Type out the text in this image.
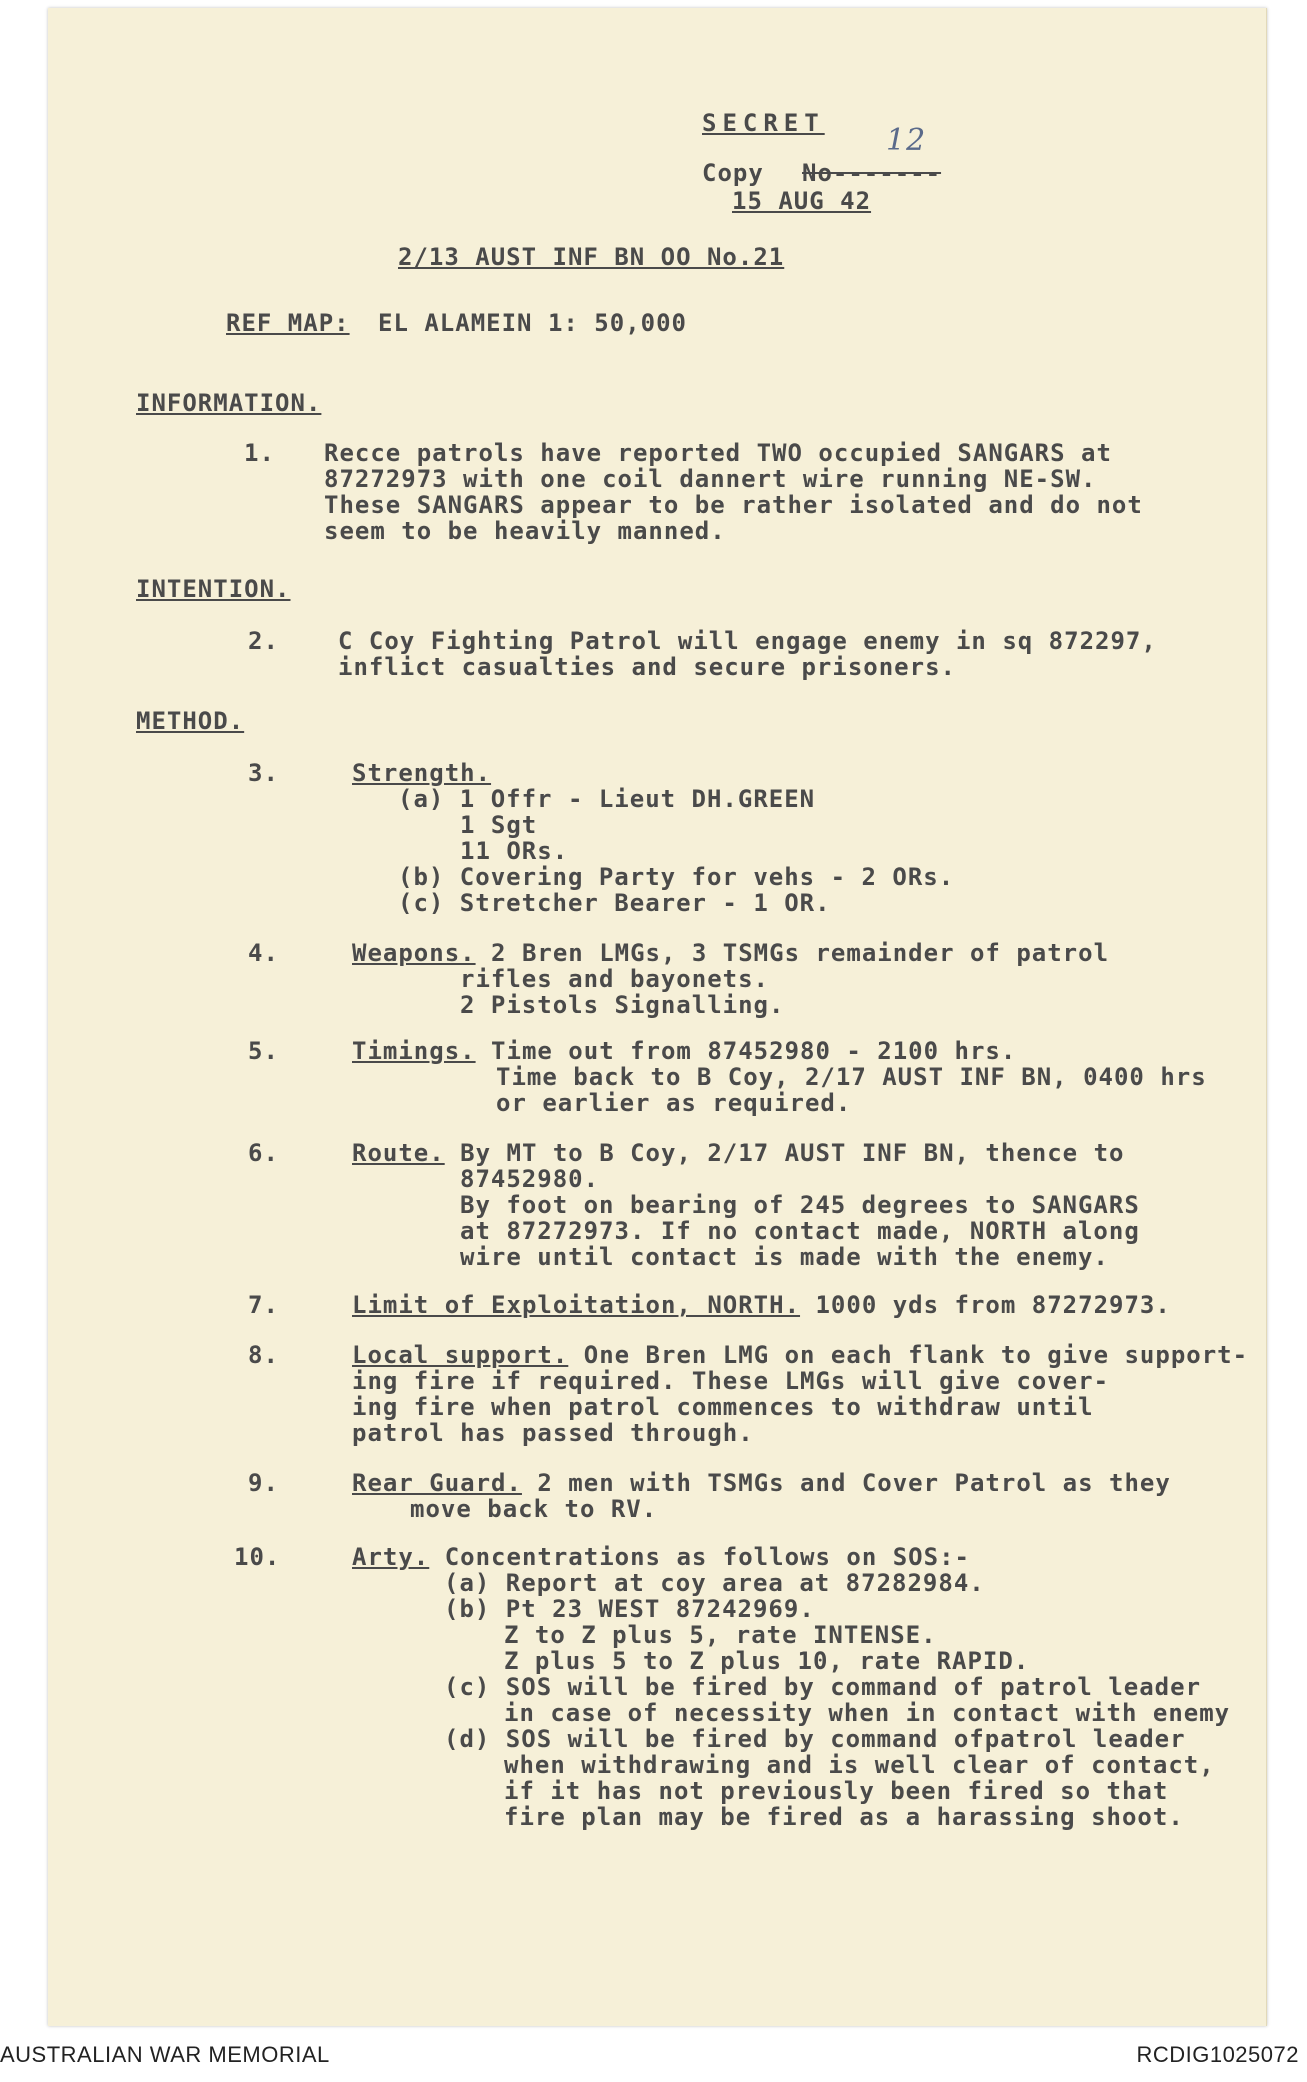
SECRET
Copy No-------
12
15 AUG 42
2/13 AUST INF BN OO No.21
REF MAP: EL ALAMEIN 1: 50,000
INFORMATION.
1. Recce patrols have reported TWO occupied SANGARS at
87272973 with one coil dannert wire running NE-SW.
These SANGARS appear to be rather isolated and do not
seem to be heavily manned.
INTENTION.
2. C Coy Fighting Patrol will engage enemy in sq 872297,
inflict casualties and secure prisoners.
METHOD.
3.	Strength.
(a) 1 Offr - Lieut DH.GREEN
1 Sgt
11 ORs.
(b) Covering Party for vehs - 2 ORs.
(c) Stretcher Bearer - 1 OR.
4.	Weapons. 2 Bren LMGs, 3 TSMGs remainder of patrol
rifles and bayonets.
2 Pistols Signalling.
5.	Timings. Time out from 87452980 - 2100 hrs.
Time back to B Coy, 2/17 AUST INF BN, 0400 hrs
or earlier as required.
6.	Route. By MT to B Coy, 2/17 AUST INF BN, thence to
87452980.
By foot on bearing of 245 degrees to SANGARS
at 87272973. If no contact made, NORTH along
wire until contact is made with the enemy.
7.	Limit of Exploitation, NORTH. 1000 yds from 87272973.
8.	Local support. One Bren LMG on each flank to give support-
ing fire if required. These LMGs will give cover-
ing fire when patrol commences to withdraw until
patrol has passed through.
9.	Rear Guard. 2 men with TSMGs and Cover Patrol as they
move back to RV.
10.	Arty. Concentrations as follows on SOS:-
(a) Report at coy area at 87282984.
(b) Pt 23 WEST 87242969.
Z to Z plus 5, rate INTENSE.
Z plus 5 to Z plus 10, rate RAPID.
(c) SOS will be fired by command of patrol leader
in case of necessity when in contact with enemy
(d) SOS will be fired by command ofpatrol leader
when withdrawing and is well clear of contact,
if it has not previously been fired so that
fire plan may be fired as a harassing shoot.
AUSTRALIAN WAR MEMORIAL	RCDIG1025072
